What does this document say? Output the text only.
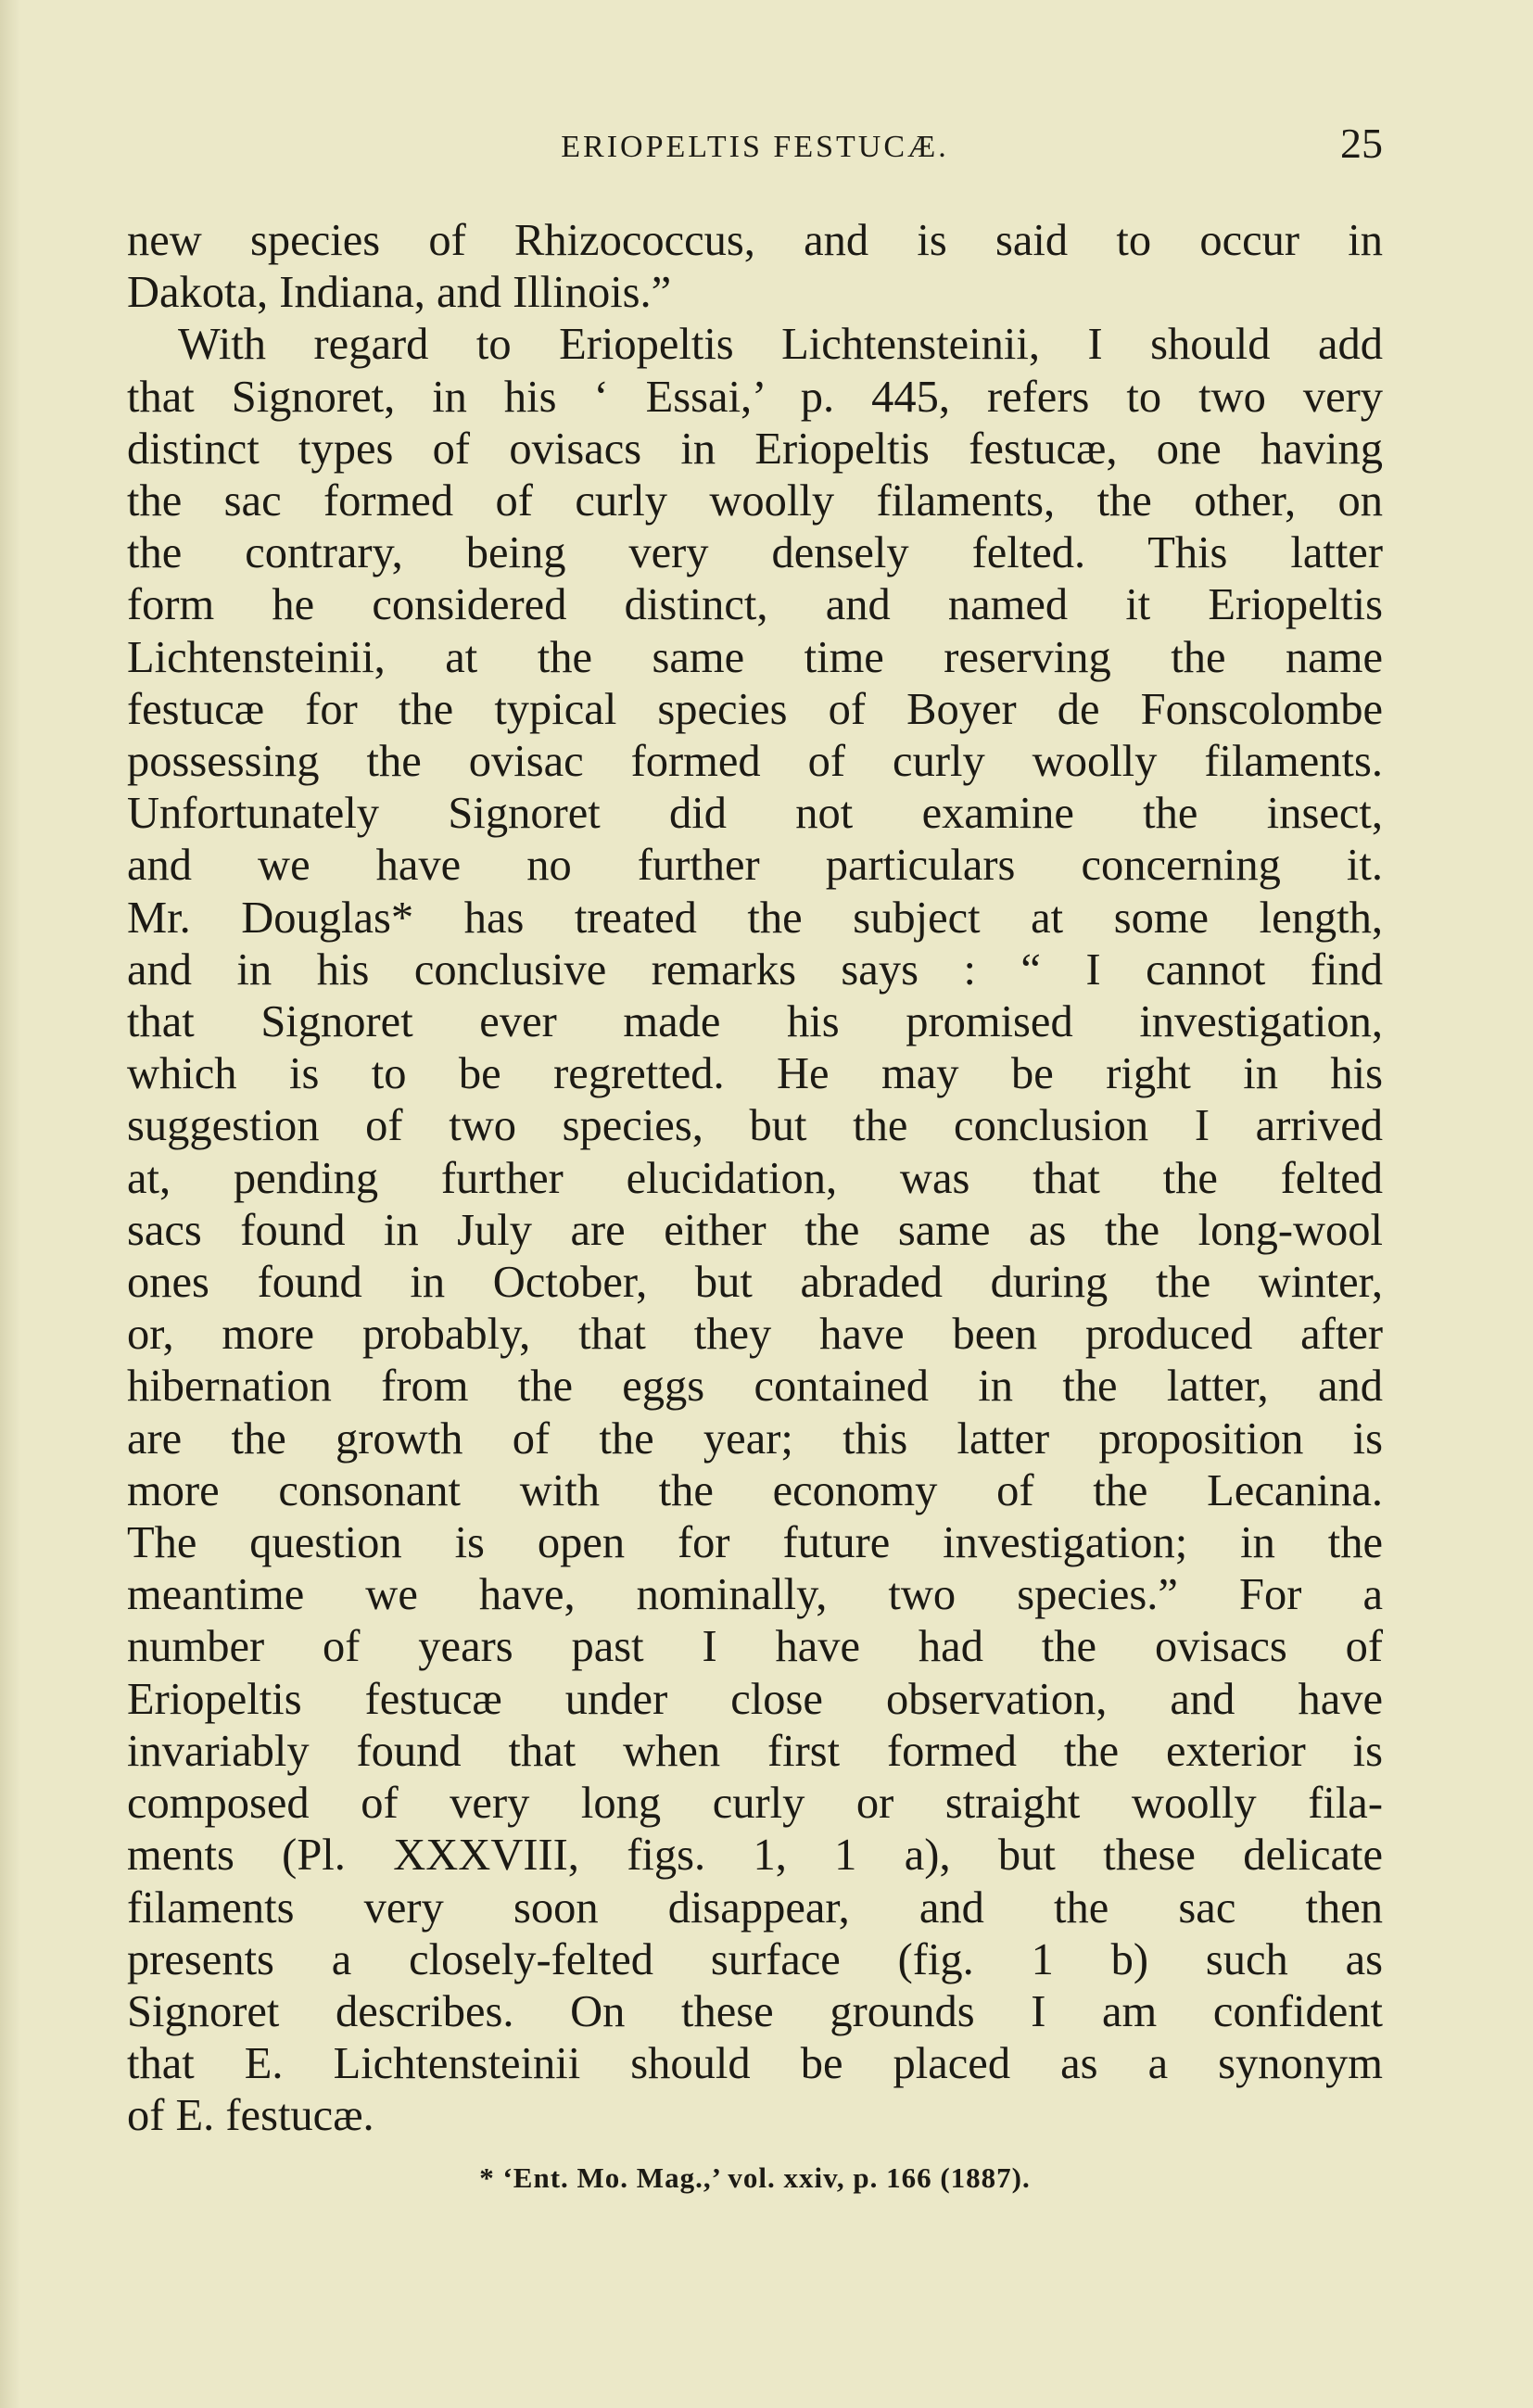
ERIOPELTIS FESTUCÆ.	25
new species of Rhizococcus, and is said to occur in
Dakota, Indiana, and Illinois.”
With regard to Eriopeltis Lichtensteinii, I should add
that Signoret, in his ‘ Essai,’ p. 445, refers to two very
distinct types of ovisacs in Eriopeltis festucæ, one having
the sac formed of curly woolly filaments, the other, on
the contrary, being very densely felted. This latter
form he considered distinct, and named it Eriopeltis
Lichtensteinii, at the same time reserving the name
festucæ for the typical species of Boyer de Fonscolombe
possessing the ovisac formed of curly woolly filaments.
Unfortunately Signoret did not examine the insect,
and we have no further particulars concerning it.
Mr. Douglas* has treated the subject at some length,
and in his conclusive remarks says : “ I cannot find
that Signoret ever made his promised investigation,
which is to be regretted. He may be right in his
suggestion of two species, but the conclusion I arrived
at, pending further elucidation, was that the felted
sacs found in July are either the same as the long-wool
ones found in October, but abraded during the winter,
or, more probably, that they have been produced after
hibernation from the eggs contained in the latter, and
are the growth of the year; this latter proposition is
more consonant with the economy of the Lecanina.
The question is open for future investigation; in the
meantime we have, nominally, two species.” For a
number of years past I have had the ovisacs of
Eriopeltis festucæ under close observation, and have
invariably found that when first formed the exterior is
composed of very long curly or straight woolly fila-
ments (Pl. XXXVIII, figs. 1, 1 a), but these delicate
filaments very soon disappear, and the sac then
presents a closely-felted surface (fig. 1 b) such as
Signoret describes. On these grounds I am confident
that E. Lichtensteinii should be placed as a synonym
of E. festucæ.
* ‘Ent. Mo. Mag.,’ vol. xxiv, p. 166 (1887).
